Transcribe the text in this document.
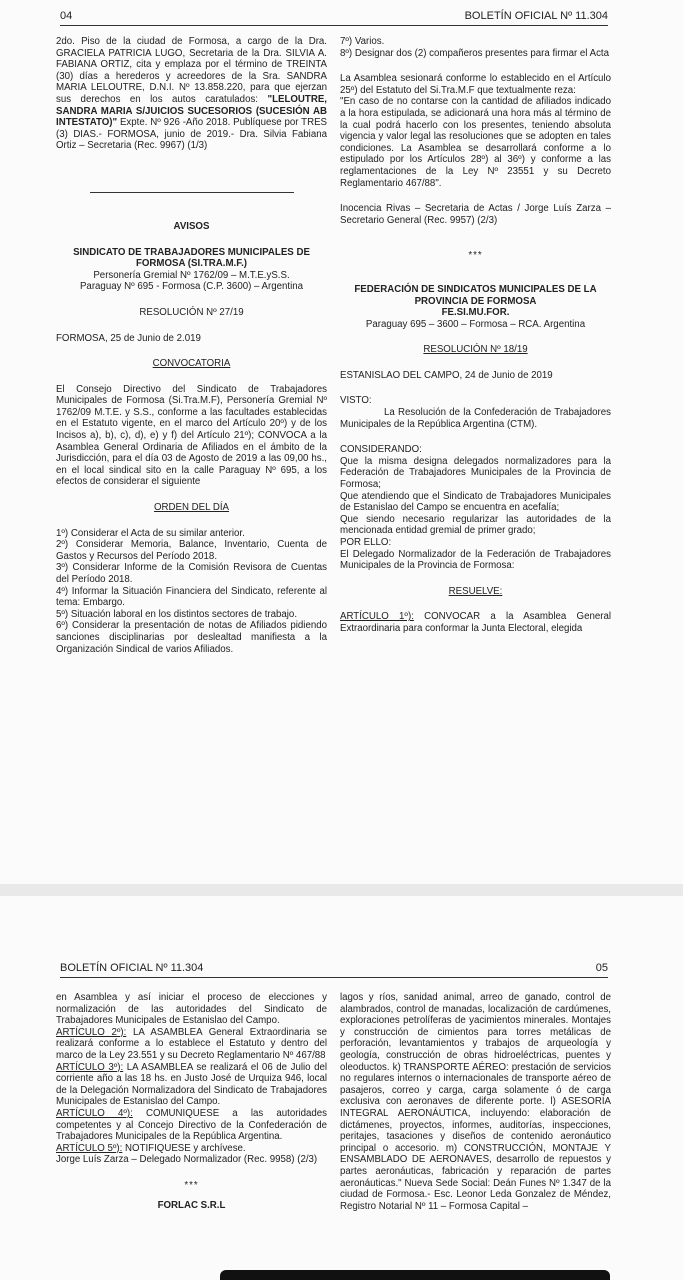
04	BOLETÍN OFICIAL Nº 11.304

2do. Piso de la ciudad de Formosa, a cargo de la Dra. GRACIELA PATRICIA LUGO, Secretaria de la Dra. SILVIA A. FABIANA ORTIZ, cita y emplaza por el término de TREINTA (30) días a herederos y acreedores de la Sra. SANDRA MARIA LELOUTRE, D.N.I. Nº 13.858.220, para que ejerzan sus derechos en los autos caratulados: "LELOUTRE, SANDRA MARIA S/JUICIOS SUCESORIOS (SUCESIÓN AB INTESTATO)" Expte. Nº 926 -Año 2018. Publíquese por TRES (3) DIAS.- FORMOSA, junio de 2019.- Dra. Silvia Fabiana Ortiz – Secretaria (Rec. 9967) (1/3)

AVISOS

SINDICATO DE TRABAJADORES MUNICIPALES DE FORMOSA (SI.TRA.M.F.)

Personería Gremial Nº 1762/09 – M.T.E.yS.S.

Paraguay Nº 695 - Formosa (C.P. 3600) – Argentina

RESOLUCIÓN Nº 27/19

FORMOSA, 25 de Junio de 2.019

CONVOCATORIA

El Consejo Directivo del Sindicato de Trabajadores Municipales de Formosa (Si.Tra.M.F), Personería Gremial Nº 1762/09 M.T.E. y S.S., conforme a las facultades establecidas en el Estatuto vigente, en el marco del Artículo 20º) y de los Incisos a), b), c), d), e) y f) del Artículo 21º); CONVOCA a la Asamblea General Ordinaria de Afiliados en el ámbito de la Jurisdicción, para el día 03 de Agosto de 2019 a las 09,00 hs., en el local sindical sito en la calle Paraguay Nº 695, a los efectos de considerar el siguiente

ORDEN DEL DÍA

1º) Considerar el Acta de su similar anterior.

2º) Considerar Memoria, Balance, Inventario, Cuenta de Gastos y Recursos del Período 2018.

3º) Considerar Informe de la Comisión Revisora de Cuentas del Período 2018.

4º) Informar la Situación Financiera del Sindicato, referente al tema: Embargo.

5º) Situación laboral en los distintos sectores de trabajo.

6º) Considerar la presentación de notas de Afiliados pidiendo sanciones disciplinarias por deslealtad manifiesta a la Organización Sindical de varios Afiliados.

7º) Varios.

8º) Designar dos (2) compañeros presentes para firmar el Acta

La Asamblea sesionará conforme lo establecido en el Artículo 25º) del Estatuto del Si.Tra.M.F que textualmente reza:

"En caso de no contarse con la cantidad de afiliados indicado a la hora estipulada, se adicionará una hora más al término de la cual podrá hacerlo con los presentes, teniendo absoluta vigencia y valor legal las resoluciones que se adopten en tales condiciones. La Asamblea se desarrollará conforme a lo estipulado por los Artículos 28º) al 36º) y conforme a las reglamentaciones de la Ley Nº 23551 y su Decreto Reglamentario 467/88".

Inocencia Rivas – Secretaria de Actas / Jorge Luís Zarza – Secretario General (Rec. 9957) (2/3)

***

FEDERACIÓN DE SINDICATOS MUNICIPALES DE LA PROVINCIA DE FORMOSA

FE.SI.MU.FOR.

Paraguay 695 – 3600 – Formosa – RCA. Argentina

RESOLUCIÓN Nº 18/19

ESTANISLAO DEL CAMPO, 24 de Junio de 2019

VISTO:

La Resolución de la Confederación de Trabajadores Municipales de la República Argentina (CTM).

CONSIDERANDO:

Que la misma designa delegados normalizadores para la Federación de Trabajadores Municipales de la Provincia de Formosa;

Que atendiendo que el Sindicato de Trabajadores Municipales de Estanislao del Campo se encuentra en acefalía;

Que siendo necesario regularizar las autoridades de la mencionada entidad gremial de primer grado;

POR ELLO:

El Delegado Normalizador de la Federación de Trabajadores Municipales de la Provincia de Formosa:

RESUELVE:

ARTÍCULO 1º): CONVOCAR a la Asamblea General Extraordinaria para conformar la Junta Electoral, elegida

BOLETÍN OFICIAL Nº 11.304	05

en Asamblea y así iniciar el proceso de elecciones y normalización de las autoridades del Sindicato de Trabajadores Municipales de Estanislao del Campo.

ARTÍCULO 2º): LA ASAMBLEA General Extraordinaria se realizará conforme a lo establece el Estatuto y dentro del marco de la Ley 23.551 y su Decreto Reglamentario Nº 467/88

ARTÍCULO 3º): LA ASAMBLEA se realizará el 06 de Julio del corriente año a las 18 hs. en Justo José de Urquiza 946, local de la Delegación Normalizadora del Sindicato de Trabajadores Municipales de Estanislao del Campo.

ARTÍCULO 4º): COMUNIQUESE a las autoridades competentes y al Concejo Directivo de la Confederación de Trabajadores Municipales de la República Argentina.

ARTÍCULO 5º): NOTIFIQUESE y archívese.

Jorge Luís Zarza – Delegado Normalizador (Rec. 9958) (2/3)

***

FORLAC S.R.L

lagos y ríos, sanidad animal, arreo de ganado, control de alambrados, control de manadas, localización de cardúmenes, exploraciones petrolíferas de yacimientos minerales. Montajes y construcción de cimientos para torres metálicas de perforación, levantamientos y trabajos de arqueología y geología, construcción de obras hidroeléctricas, puentes y oleoductos. k) TRANSPORTE AÉREO: prestación de servicios no regulares internos o internacionales de transporte aéreo de pasajeros, correo y carga, carga solamente ó de carga exclusiva con aeronaves de diferente porte. l) ASESORÍA INTEGRAL AERONÁUTICA, incluyendo: elaboración de dictámenes, proyectos, informes, auditorías, inspecciones, peritajes, tasaciones y diseños de contenido aeronáutico principal o accesorio. m) CONSTRUCCIÓN, MONTAJE Y ENSAMBLADO DE AERONAVES, desarrollo de repuestos y partes aeronáuticas, fabricación y reparación de partes aeronáuticas." Nueva Sede Social: Deán Funes Nº 1.347 de la ciudad de Formosa.- Esc. Leonor Leda Gonzalez de Méndez, Registro Notarial Nº 11 – Formosa Capital –
